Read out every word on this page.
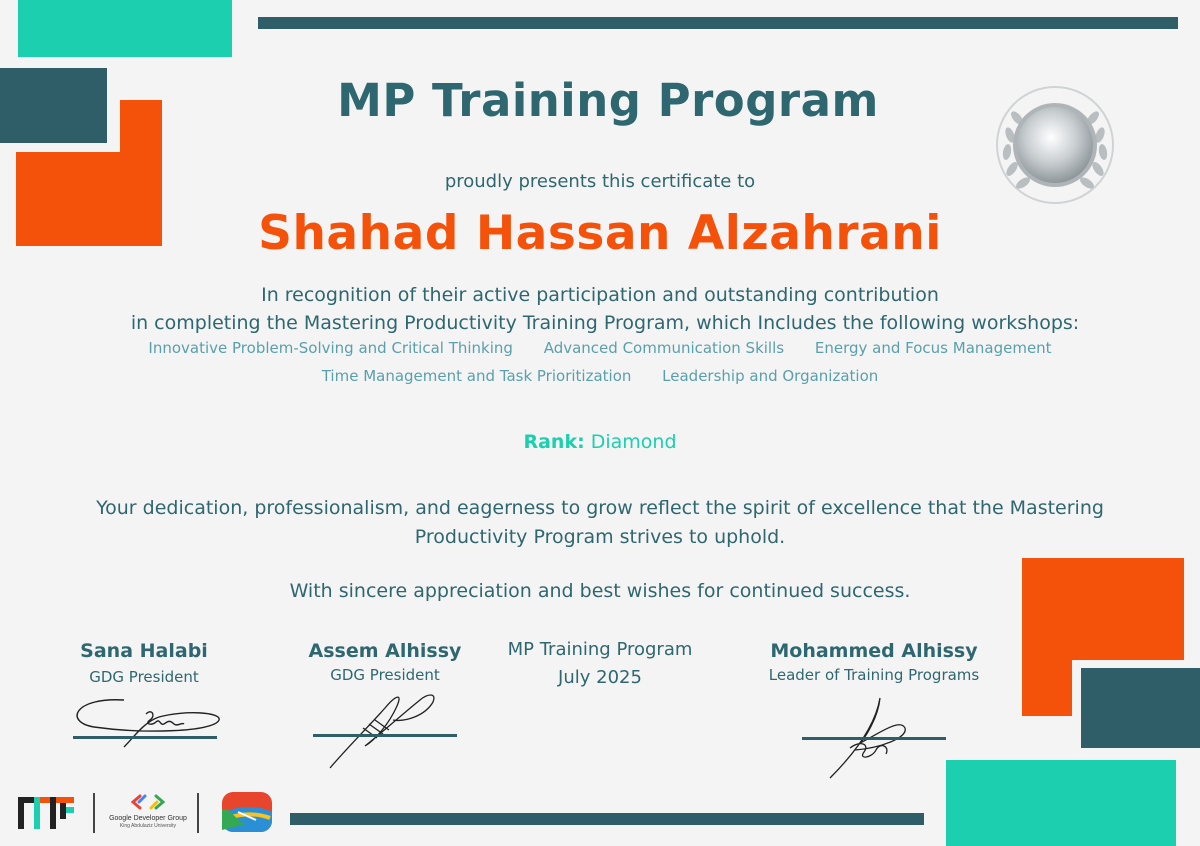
MP Training Program
proudly presents this certificate to
Shahad Hassan Alzahrani
In recognition of their active participation and outstanding contribution
in completing the Mastering Productivity Training Program, which Includes the following workshops:
Innovative Problem-Solving and Critical Thinking Advanced Communication Skills Energy and Focus Management
Time Management and Task Prioritization Leadership and Organization
Rank: Diamond
Your dedication, professionalism, and eagerness to grow reflect the spirit of excellence that the Mastering Productivity Program strives to uphold.
With sincere appreciation and best wishes for continued success.
Sana Halabi
GDG President
Assem Alhissy
GDG President
MP Training Program
July 2025
Mohammed Alhissy
Leader of Training Programs
Google Developer Group
King Abdulaziz University
